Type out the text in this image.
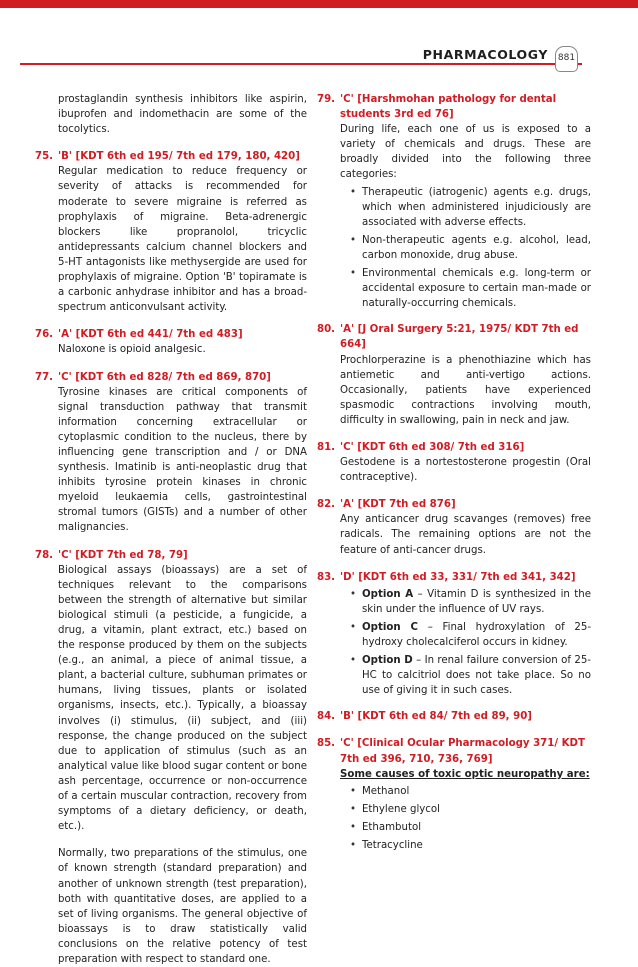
PHARMACOLOGY	881

prostaglandin synthesis inhibitors like aspirin, ibuprofen and indomethacin are some of the tocolytics.

75. 'B' [KDT 6th ed 195/ 7th ed 179, 180, 420]

Regular medication to reduce frequency or severity of attacks is recommended for moderate to severe migraine is referred as prophylaxis of migraine. Beta-adrenergic blockers like propranolol, tricyclic antidepressants calcium channel blockers and 5-HT antagonists like methysergide are used for prophylaxis of migraine. Option 'B' topiramate is a carbonic anhydrase inhibitor and has a broad-spectrum anticonvulsant activity.

76. 'A' [KDT 6th ed 441/ 7th ed 483]

Naloxone is opioid analgesic.

77. 'C' [KDT 6th ed 828/ 7th ed 869, 870]

Tyrosine kinases are critical components of signal transduction pathway that transmit information concerning extracellular or cytoplasmic condition to the nucleus, there by influencing gene transcription and / or DNA synthesis. Imatinib is anti-neoplastic drug that inhibits tyrosine protein kinases in chronic myeloid leukaemia cells, gastrointestinal stromal tumors (GISTs) and a number of other malignancies.

78. 'C' [KDT 7th ed 78, 79]

Biological assays (bioassays) are a set of techniques relevant to the comparisons between the strength of alternative but similar biological stimuli (a pesticide, a fungicide, a drug, a vitamin, plant extract, etc.) based on the response produced by them on the subjects (e.g., an animal, a piece of animal tissue, a plant, a bacterial culture, subhuman primates or humans, living tissues, plants or isolated organisms, insects, etc.). Typically, a bioassay involves (i) stimulus, (ii) subject, and (iii) response, the change produced on the subject due to application of stimulus (such as an analytical value like blood sugar content or bone ash percentage, occurrence or non-occurrence of a certain muscular contraction, recovery from symptoms of a dietary deficiency, or death, etc.).

Normally, two preparations of the stimulus, one of known strength (standard preparation) and another of unknown strength (test preparation), both with quantitative doses, are applied to a set of living organisms. The general objective of bioassays is to draw statistically valid conclusions on the relative potency of test preparation with respect to standard one.

79. 'C' [Harshmohan pathology for dental students 3rd ed 76]

During life, each one of us is exposed to a variety of chemicals and drugs. These are broadly divided into the following three categories:

• Therapeutic (iatrogenic) agents e.g. drugs, which when administered injudiciously are associated with adverse effects.
• Non-therapeutic agents e.g. alcohol, lead, carbon monoxide, drug abuse.
• Environmental chemicals e.g. long-term or accidental exposure to certain man-made or naturally-occurring chemicals.
80. 'A' [J Oral Surgery 5:21, 1975/ KDT 7th ed 664]

Prochlorperazine is a phenothiazine which has antiemetic and anti-vertigo actions. Occasionally, patients have experienced spasmodic contractions involving mouth, difficulty in swallowing, pain in neck and jaw.

81. 'C' [KDT 6th ed 308/ 7th ed 316]

Gestodene is a nortestosterone progestin (Oral contraceptive).

82. 'A' [KDT 7th ed 876]

Any anticancer drug scavanges (removes) free radicals. The remaining options are not the feature of anti-cancer drugs.

83. 'D' [KDT 6th ed 33, 331/ 7th ed 341, 342]
• Option A – Vitamin D is synthesized in the skin under the influence of UV rays.
• Option C – Final hydroxylation of 25-hydroxy cholecalciferol occurs in kidney.
• Option D – In renal failure conversion of 25-HC to calcitriol does not take place. So no use of giving it in such cases.
84. 'B' [KDT 6th ed 84/ 7th ed 89, 90]
85. 'C' [Clinical Ocular Pharmacology 371/ KDT 7th ed 396, 710, 736, 769]
Some causes of toxic optic neuropathy are:
• Methanol
• Ethylene glycol
• Ethambutol
• Tetracycline
